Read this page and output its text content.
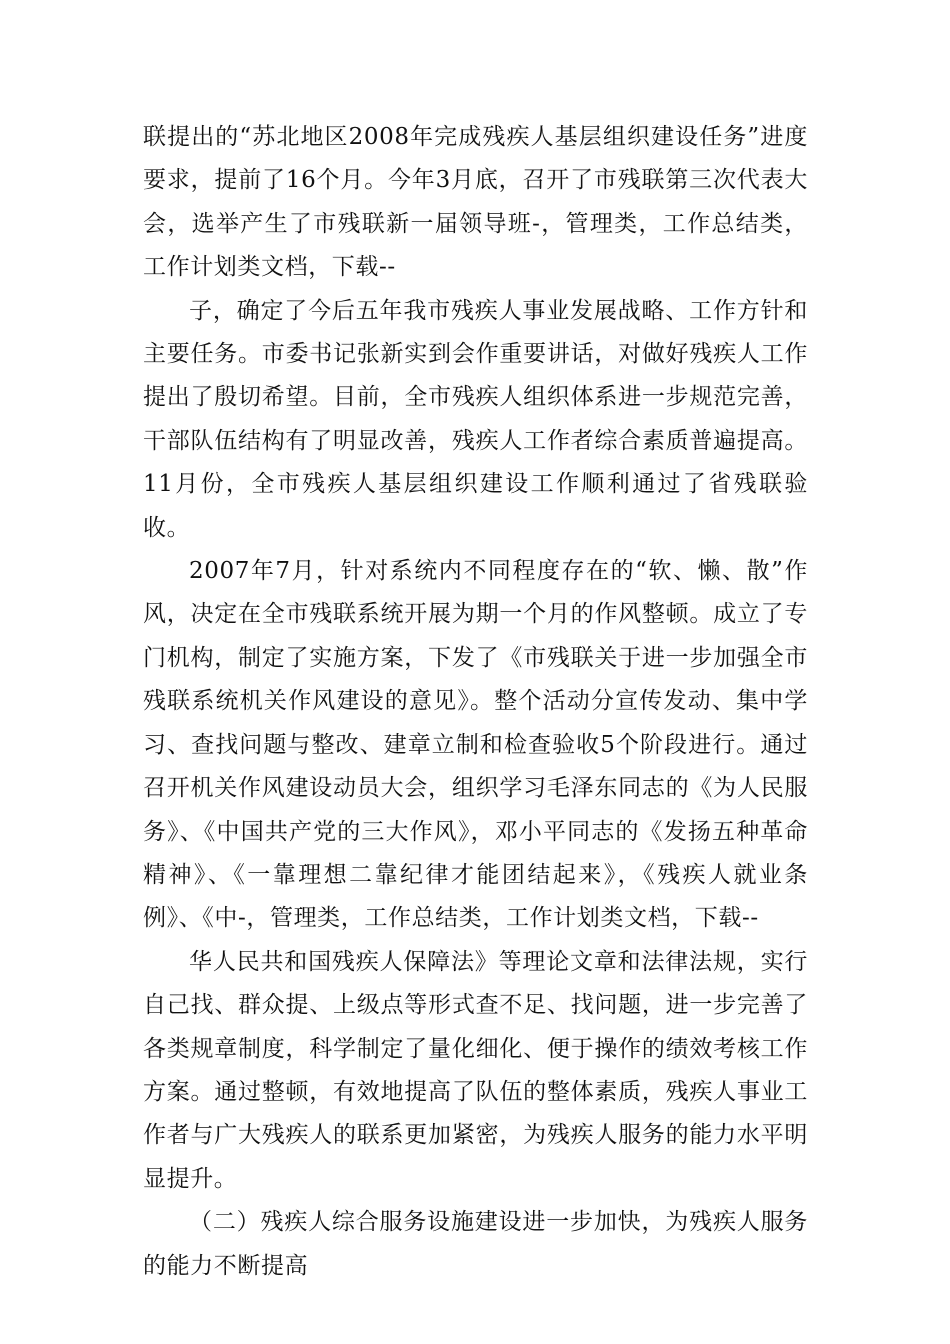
联提出的“苏北地区2008年完成残疾人基层组织建设任务”进度要求，提前了16个月。今年3月底，召开了市残联第三次代表大会，选举产生了市残联新一届领导班-，管理类，工作总结类，工作计划类文档，下载--

子，确定了今后五年我市残疾人事业发展战略、工作方针和主要任务。市委书记张新实到会作重要讲话，对做好残疾人工作提出了殷切希望。目前，全市残疾人组织体系进一步规范完善，干部队伍结构有了明显改善，残疾人工作者综合素质普遍提高。11月份，全市残疾人基层组织建设工作顺利通过了省残联验收。

2007年7月，针对系统内不同程度存在的“软、懒、散”作风，决定在全市残联系统开展为期一个月的作风整顿。成立了专门机构，制定了实施方案，下发了《市残联关于进一步加强全市残联系统机关作风建设的意见》。整个活动分宣传发动、集中学习、查找问题与整改、建章立制和检查验收5个阶段进行。通过召开机关作风建设动员大会，组织学习毛泽东同志的《为人民服务》、《中国共产党的三大作风》，邓小平同志的《发扬五种革命精神》、《一靠理想二靠纪律才能团结起来》，《残疾人就业条例》、《中-，管理类，工作总结类，工作计划类文档，下载--

华人民共和国残疾人保障法》等理论文章和法律法规，实行自己找、群众提、上级点等形式查不足、找问题，进一步完善了各类规章制度，科学制定了量化细化、便于操作的绩效考核工作方案。通过整顿，有效地提高了队伍的整体素质，残疾人事业工作者与广大残疾人的联系更加紧密，为残疾人服务的能力水平明显提升。

（二）残疾人综合服务设施建设进一步加快，为残疾人服务的能力不断提高
